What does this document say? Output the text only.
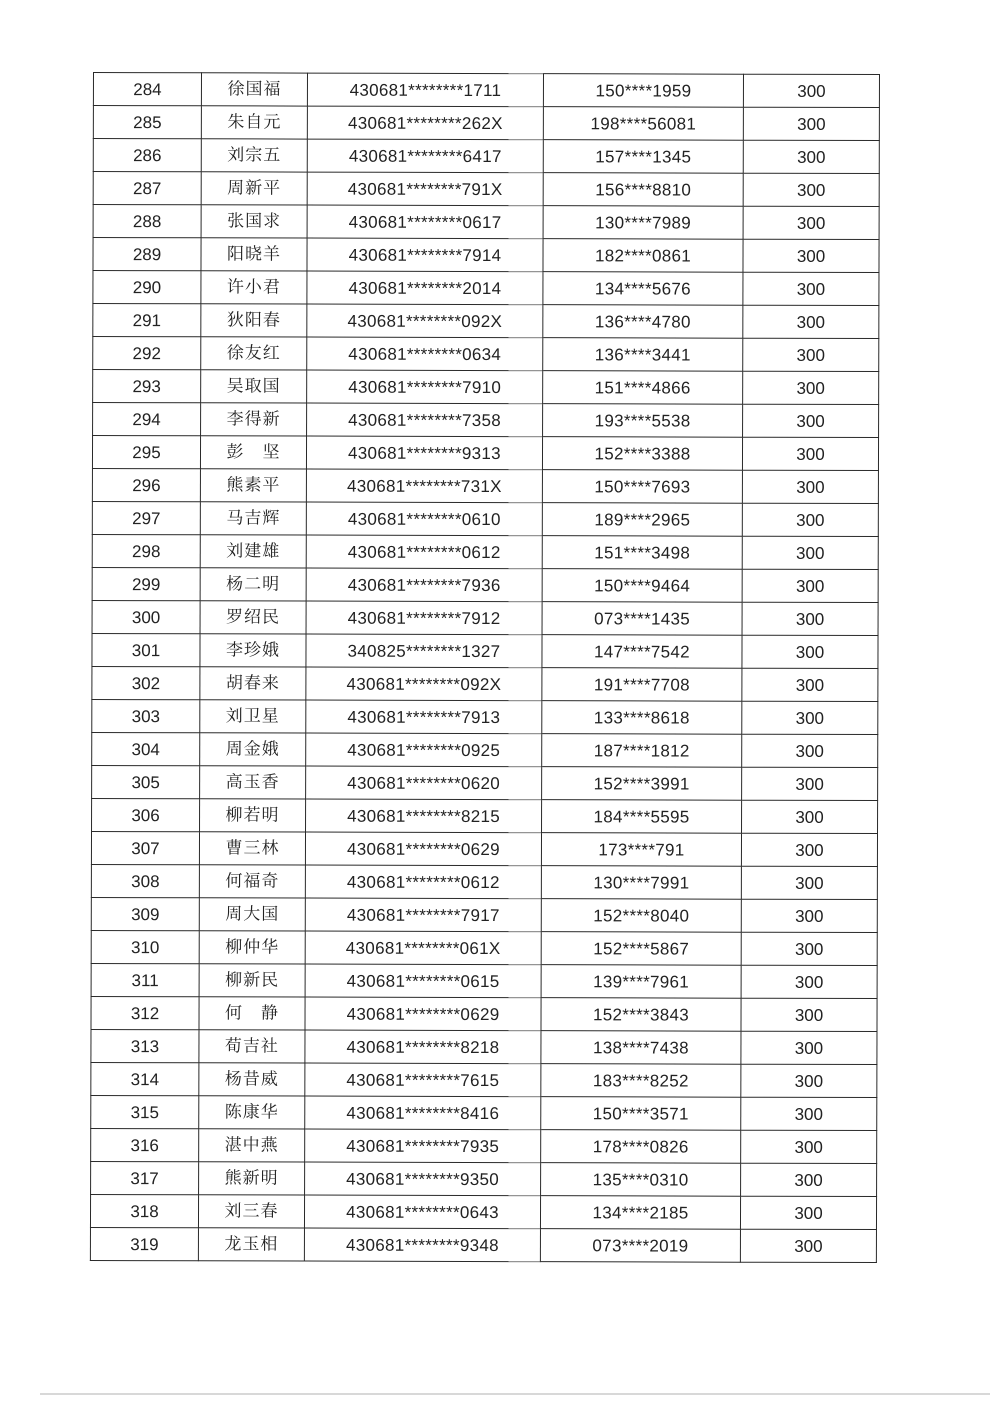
284	徐国福	430681********1711	150****1959	300
285	朱自元	430681********262X	198****56081	300
286	刘宗五	430681********6417	157****1345	300
287	周新平	430681********791X	156****8810	300
288	张国求	430681********0617	130****7989	300
289	阳晓羊	430681********7914	182****0861	300
290	许小君	430681********2014	134****5676	300
291	狄阳春	430681********092X	136****4780	300
292	徐友红	430681********0634	136****3441	300
293	吴取国	430681********7910	151****4866	300
294	李得新	430681********7358	193****5538	300
295	彭　坚	430681********9313	152****3388	300
296	熊素平	430681********731X	150****7693	300
297	马吉辉	430681********0610	189****2965	300
298	刘建雄	430681********0612	151****3498	300
299	杨二明	430681********7936	150****9464	300
300	罗绍民	430681********7912	073****1435	300
301	李珍娥	340825********1327	147****7542	300
302	胡春来	430681********092X	191****7708	300
303	刘卫星	430681********7913	133****8618	300
304	周金娥	430681********0925	187****1812	300
305	高玉香	430681********0620	152****3991	300
306	柳若明	430681********8215	184****5595	300
307	曹三林	430681********0629	173****791	300
308	何福奇	430681********0612	130****7991	300
309	周大国	430681********7917	152****8040	300
310	柳仲华	430681********061X	152****5867	300
311	柳新民	430681********0615	139****7961	300
312	何　静	430681********0629	152****3843	300
313	荀吉社	430681********8218	138****7438	300
314	杨昔威	430681********7615	183****8252	300
315	陈康华	430681********8416	150****3571	300
316	湛中燕	430681********7935	178****0826	300
317	熊新明	430681********9350	135****0310	300
318	刘三春	430681********0643	134****2185	300
319	龙玉相	430681********9348	073****2019	300
